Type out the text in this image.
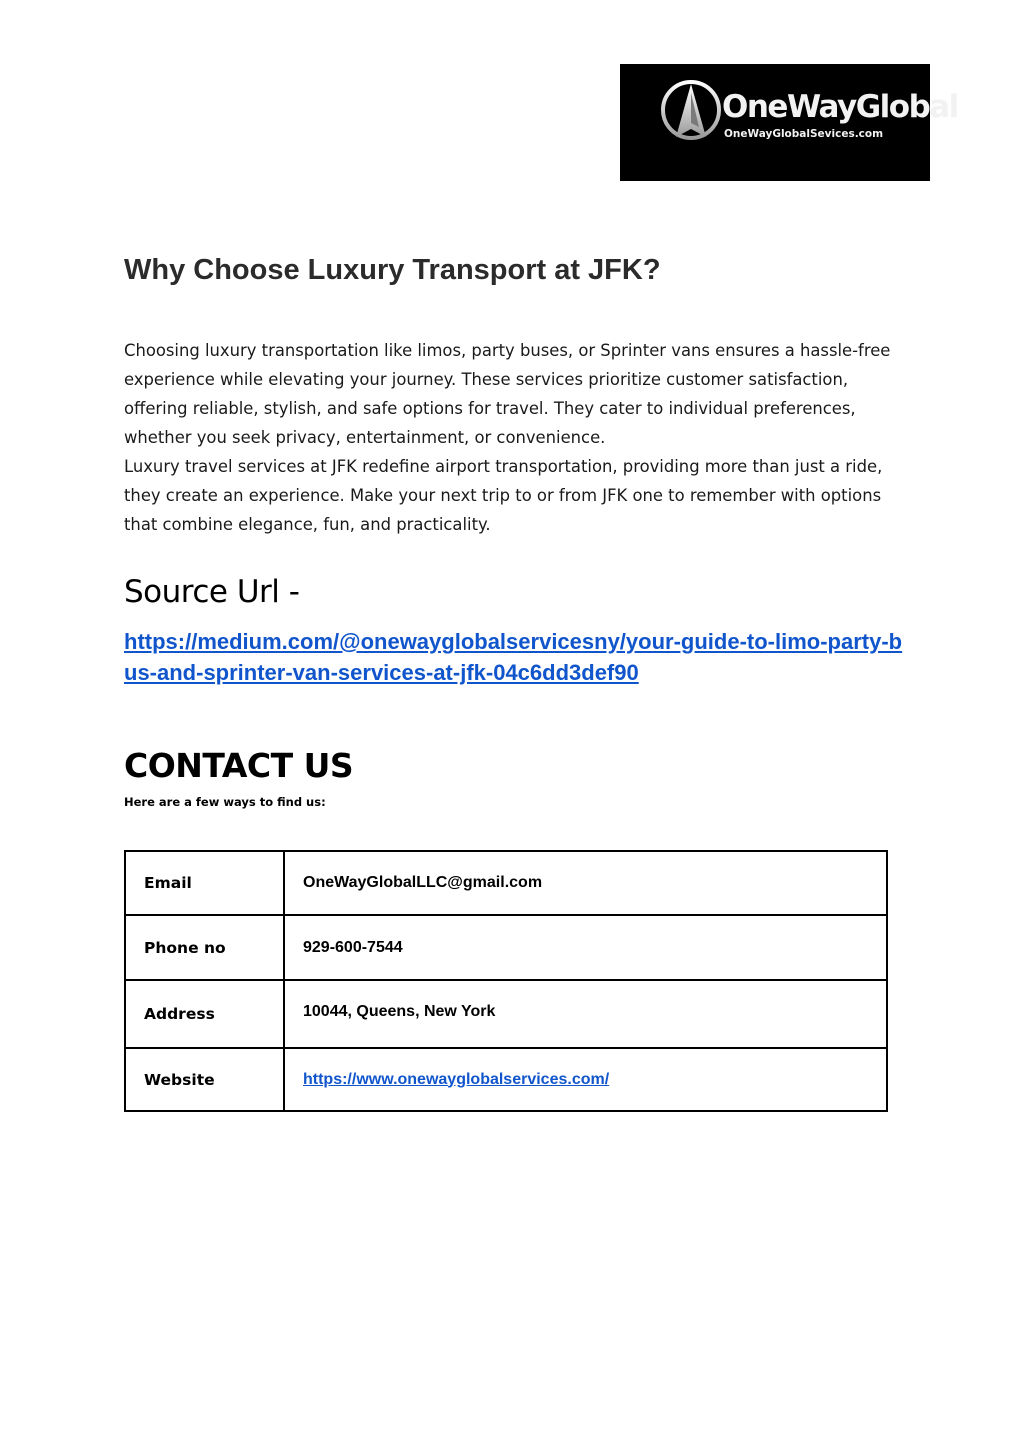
OneWayGlobal
OneWayGlobalSevices.com
Why Choose Luxury Transport at JFK?

Choosing luxury transportation like limos, party buses, or Sprinter vans ensures a hassle-free experience while elevating your journey. These services prioritize customer satisfaction, offering reliable, stylish, and safe options for travel. They cater to individual preferences, whether you seek privacy, entertainment, or convenience.

Luxury travel services at JFK redefine airport transportation, providing more than just a ride, they create an experience. Make your next trip to or from JFK one to remember with options that combine elegance, fun, and practicality.

Source Url -
https://medium.com/@onewayglobalservicesny/your-guide-to-limo-party-bus-and-sprinter-van-services-at-jfk-04c6dd3def90
CONTACT US

Here are a few ways to find us:

Email	OneWayGlobalLLC@gmail.com
Phone no	929-600-7544
Address	10044, Queens, New York
Website	https://www.onewayglobalservices.com/
